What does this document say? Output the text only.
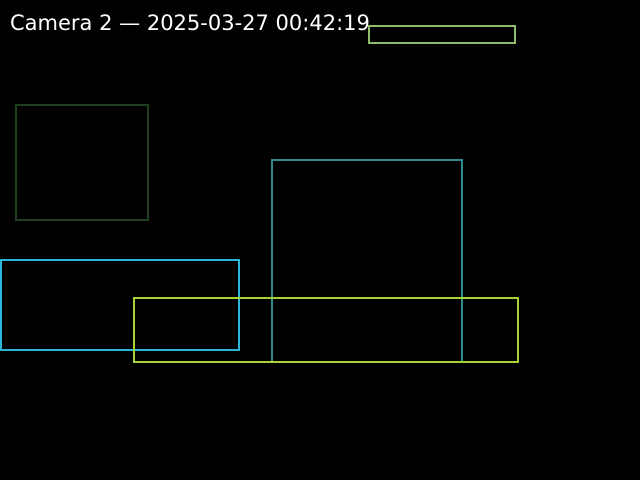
Camera 2 — 2025-03-27 00:42:19
